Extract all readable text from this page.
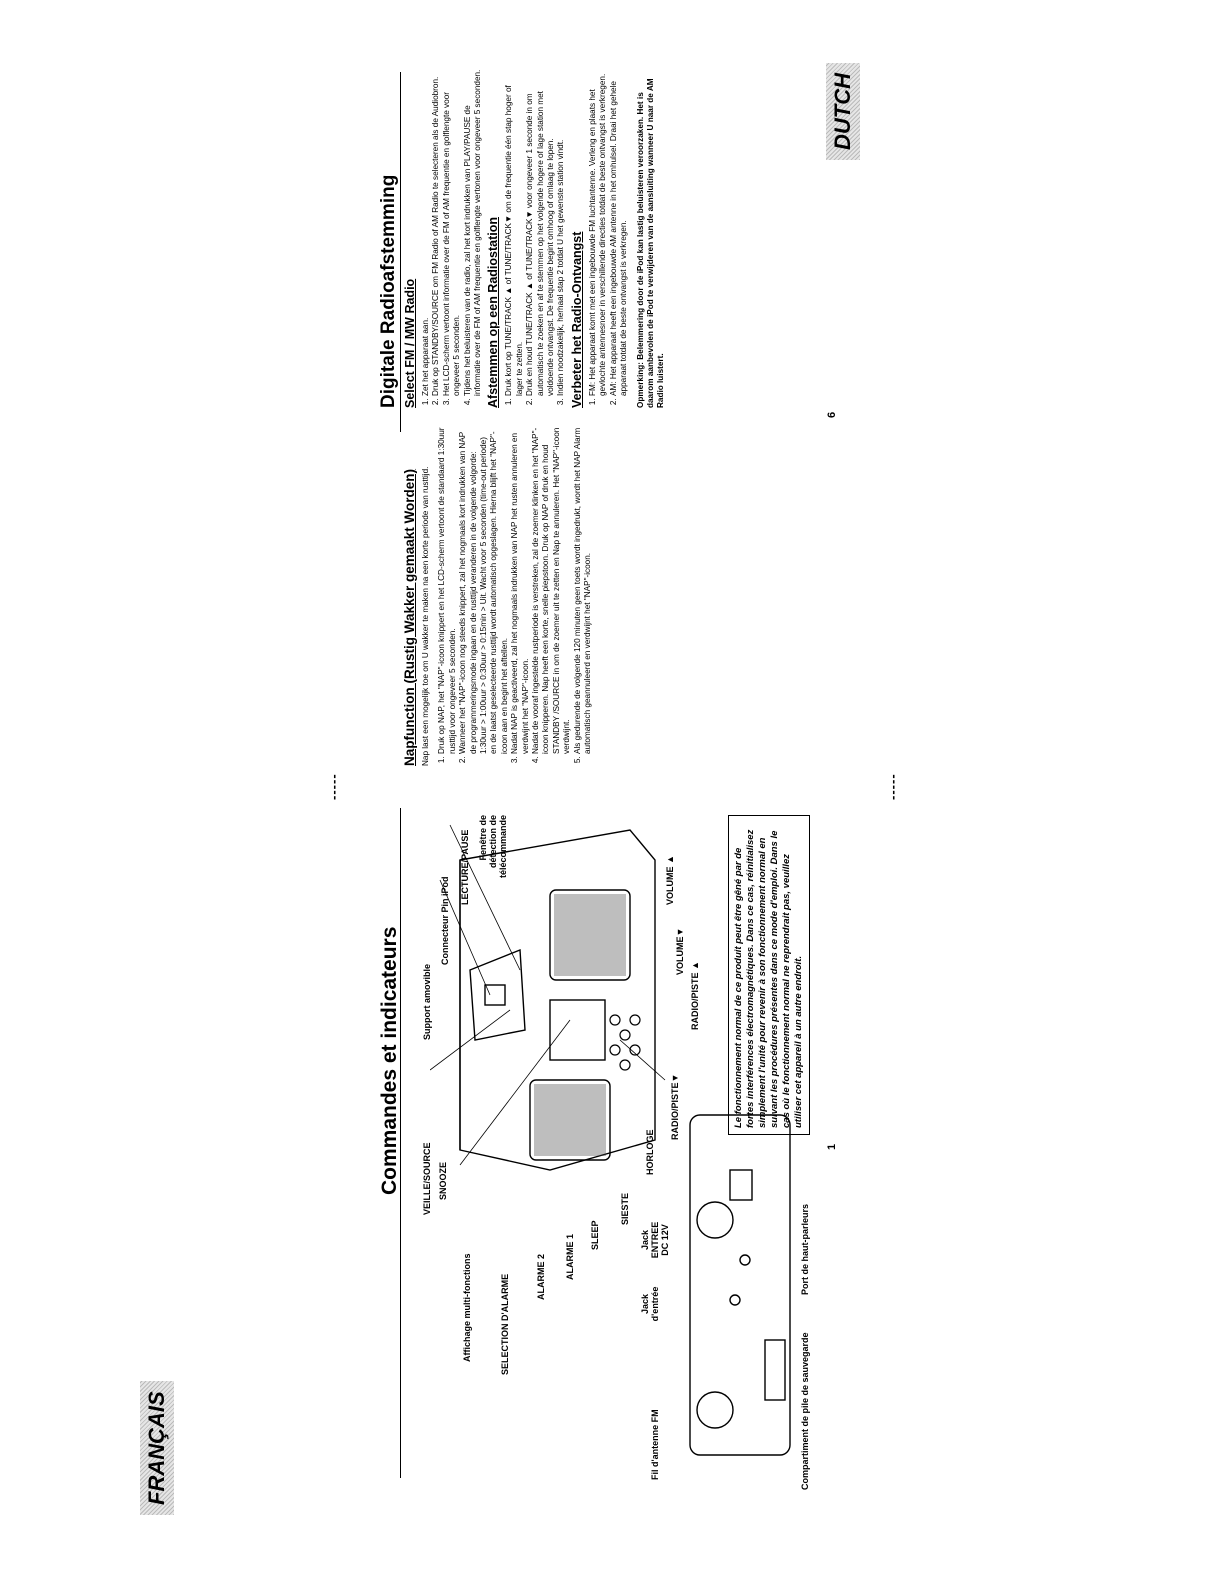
FRANÇAIS
DUTCH
-----	-----
1
6
Commandes et indicateurs VEILLE/SOURCE SNOOZE
Support amovible
Connecteur Pin iPod
LECTURE/PAUSE Fenêtre de détection de télécommande
Affichage multi-fonctions	SELECTION D'ALARME	ALARME 2 ALARME 1 SLEEP
SIESTE
HORLOGE
RADIO/PISTE▼
RADIO/PISTE ▲
VOLUME▼
VOLUME ▲
Fil d'antenne FM
Jack d'entrée
Jack ENTREE DC 12V
Compartiment de pile de sauvegarde
Port de haut-parleurs
Le fonctionnement normal de ce produit peut être gêné par de fortes interférences électromagnétiques. Dans ce cas, réinitialisez simplement l'unité pour revenir à son fonctionnement normal en suivant les procédures présentes dans ce mode d'emploi. Dans le cas où le fonctionnement normal ne reprendrait pas, veuillez utiliser cet appareil à un autre endroit.
Napfunction (Rustig Wakker gemaakt Worden) Nap last een mogelijk toe om U wakker te maken na een korte periode van rusttijd. 1. Druk op NAP, het "NAP"-icoon knippert en het LCD-scherm vertoont de standaard 1:30uur rusttijd voor ongeveer 5 seconden. 2. Wanneer het "NAP"-icoon nog steeds knippert, zal het nogmaals kort indrukken van NAP de programmeringsmode ingaan en de rusttijd veranderen in de volgende volgorde: 1:30uur > 1:00uur > 0:30uur > 0:15min > Uit. Wacht voor 5 seconden (time-out periode) en de laatst geselecteerde rusttijd wordt automatisch opgeslagen. Hierna blijft het "NAP"-icoon aan en begint het aftellen. 3. Nadat NAP is geactiveerd, zal het nogmaals indrukken van NAP het rusten annuleren en verdwijnt het "NAP"-icoon. 4. Nadat de vooraf ingestelde rustperiode is verstreken, zal de zoemer klinken en het "NAP"-icoon knipperen. Nap heeft een korte, snelle piepstoon. Druk op NAP of druk en houd STANDBY /SOURCE in om de zoemer uit te zetten en Nap te annuleren. Het "NAP"-icoon verdwijnt. 5. Als gedurende de volgende 120 minuten geen toets wordt ingedrukt, wordt het NAP Alarm automatisch geannuleerd en verdwijnt het "NAP"-icoon.
Digitale Radioafstemming Select FM / MW Radio 1. Zet het apparaat aan. 2. Druk op STANDBY/SOURCE om FM Radio of AM Radio te selecteren als de Audiobron. 3. Het LCD-scherm vertoont informatie over de FM of AM frequentie en golflengte voor ongeveer 5 seconden. 4. Tijdens het beluisteren van de radio, zal het kort indrukken van PLAY/PAUSE de informatie over de FM of AM frequentie en golflengte vertonen voor ongeveer 5 seconden. Afstemmen op een Radiostation 1. Druk kort op TUNE/TRACK ▲ of TUNE/TRACK▼ om de frequentie één stap hoger of lager te zetten. 2. Druk en houd TUNE/TRACK ▲ of TUNE/TRACK▼ voor ongeveer 1 seconde in om automatisch te zoeken en af te stemmen op het volgende hogere of lage station met voldoende ontvangst. De frequentie begint omhoog of omlaag te lopen. 3. Indien noodzakelijk, herhaal stap 2 totdat U het gewenste station vindt. Verbeter het Radio-Ontvangst 1. FM: Het apparaat komt met een ingebouwde FM luchtantenne. Verleng en plaats het gevlochte antennesnoer in verschillende directies totdat de beste ontvangst is verkregen. 2. AM: Het apparaat heeft een ingebouwde AM antenne in het omhulsel. Draai het gehele apparaat totdat de beste ontvangst is verkregen. Opmerking: Belemmering door de iPod kan lastig beluisteren veroorzaken. Het is daarom aanbevolen de iPod te verwijderen van de aansluiting wanneer U naar de AM Radio luistert.
